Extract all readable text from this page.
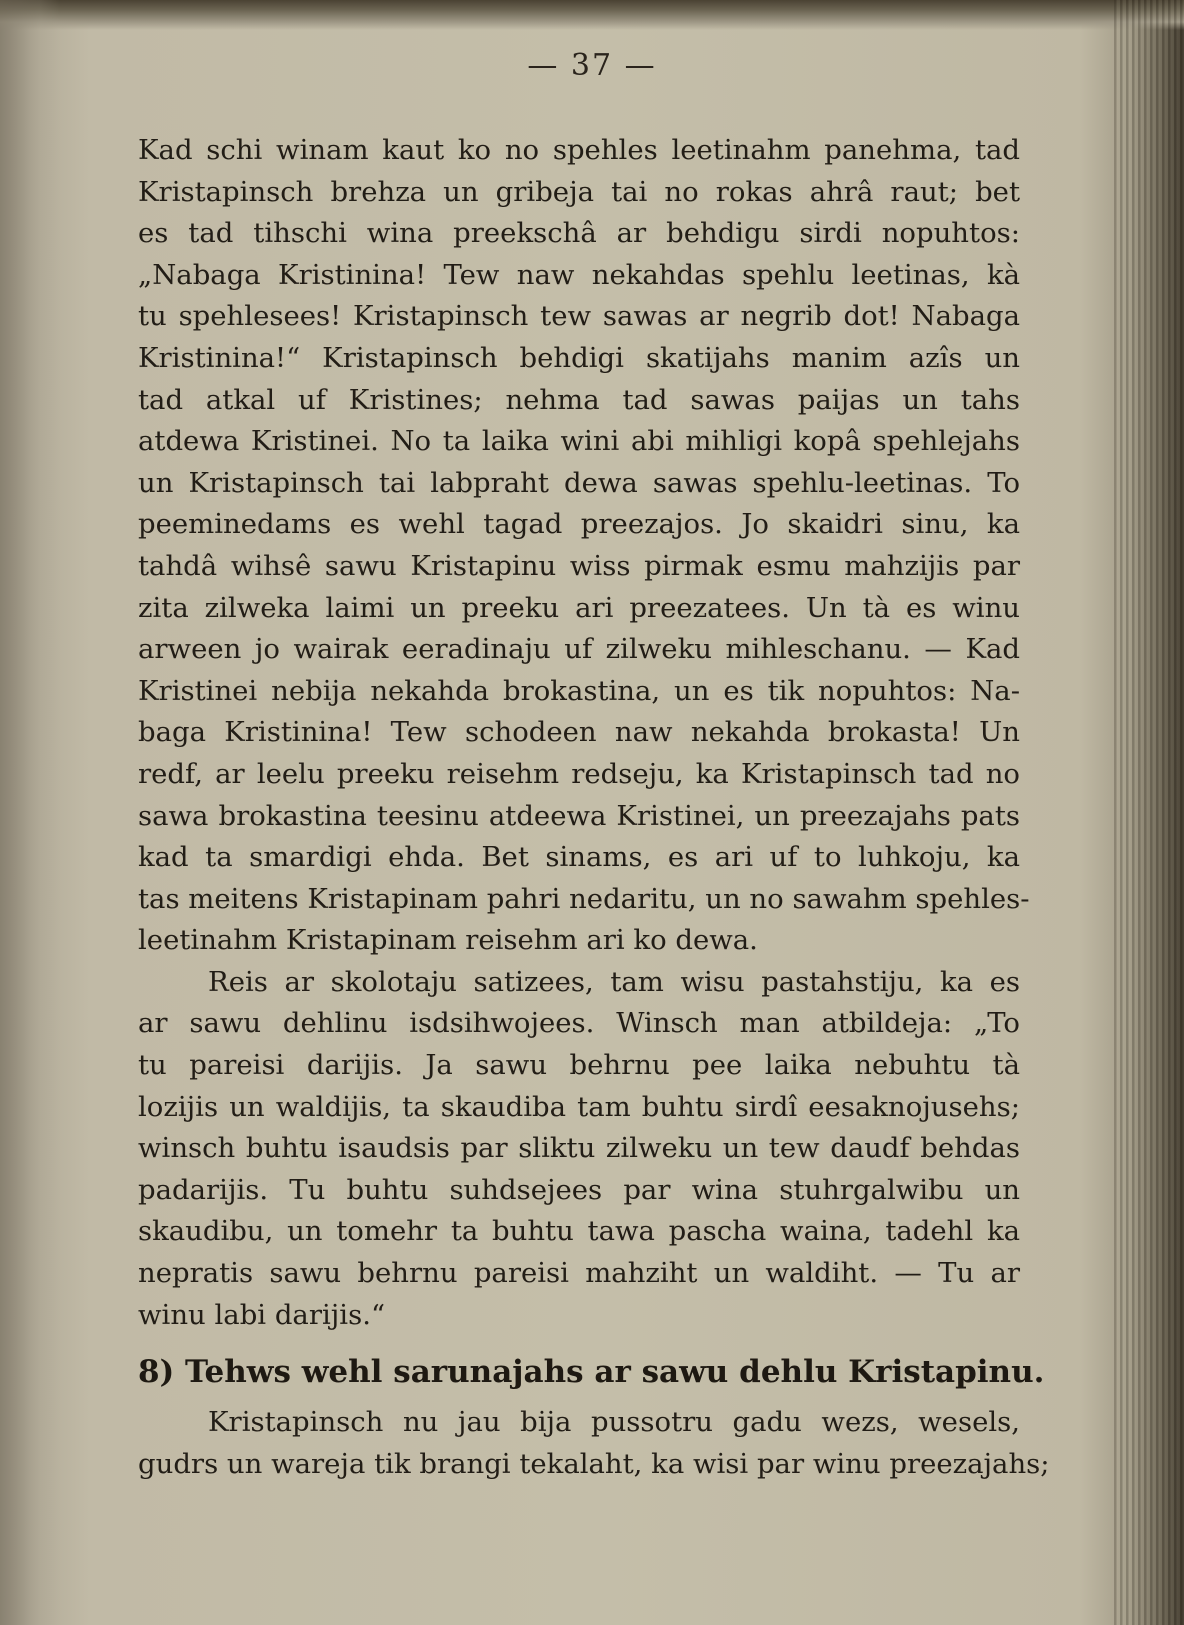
— 37 —
Kad schi winam kaut ko no spehles leetinahm panehma, tad
Kristapinsch brehza un gribeja tai no rokas ahrâ raut; bet
es tad tihschi wina preekschâ ar behdigu sirdi nopuhtos:
„Nabaga Kristinina! Tew naw nekahdas spehlu leetinas, kà
tu spehlesees! Kristapinsch tew sawas ar negrib dot! Nabaga
Kristinina!“ Kristapinsch behdigi skatijahs manim azîs un
tad atkal uf Kristines; nehma tad sawas paijas un tahs
atdewa Kristinei. No ta laika wini abi mihligi kopâ spehlejahs
un Kristapinsch tai labpraht dewa sawas spehlu-leetinas. To
peeminedams es wehl tagad preezajos. Jo skaidri sinu, ka
tahdâ wihsê sawu Kristapinu wiss pirmak esmu mahzijis par
zita zilweka laimi un preeku ari preezatees. Un tà es winu
arween jo wairak eeradinaju uf zilweku mihleschanu. — Kad
Kristinei nebija nekahda brokastina, un es tik nopuhtos: Na-
baga Kristinina! Tew schodeen naw nekahda brokasta! Un
redf, ar leelu preeku reisehm redseju, ka Kristapinsch tad no
sawa brokastina teesinu atdeewa Kristinei, un preezajahs pats
kad ta smardigi ehda. Bet sinams, es ari uf to luhkoju, ka
tas meitens Kristapinam pahri nedaritu, un no sawahm spehles-
leetinahm Kristapinam reisehm ari ko dewa.
Reis ar skolotaju satizees, tam wisu pastahstiju, ka es
ar sawu dehlinu isdsihwojees. Winsch man atbildeja: „To
tu pareisi darijis. Ja sawu behrnu pee laika nebuhtu tà
lozijis un waldijis, ta skaudiba tam buhtu sirdî eesaknojusehs;
winsch buhtu isaudsis par sliktu zilweku un tew daudf behdas
padarijis. Tu buhtu suhdsejees par wina stuhrgalwibu un
skaudibu, un tomehr ta buhtu tawa pascha waina, tadehl ka
nepratis sawu behrnu pareisi mahziht un waldiht. — Tu ar
winu labi darijis.“
8) Tehws wehl sarunajahs ar sawu dehlu Kristapinu.
Kristapinsch nu jau bija pussotru gadu wezs, wesels,
gudrs un wareja tik brangi tekalaht, ka wisi par winu preezajahs;
